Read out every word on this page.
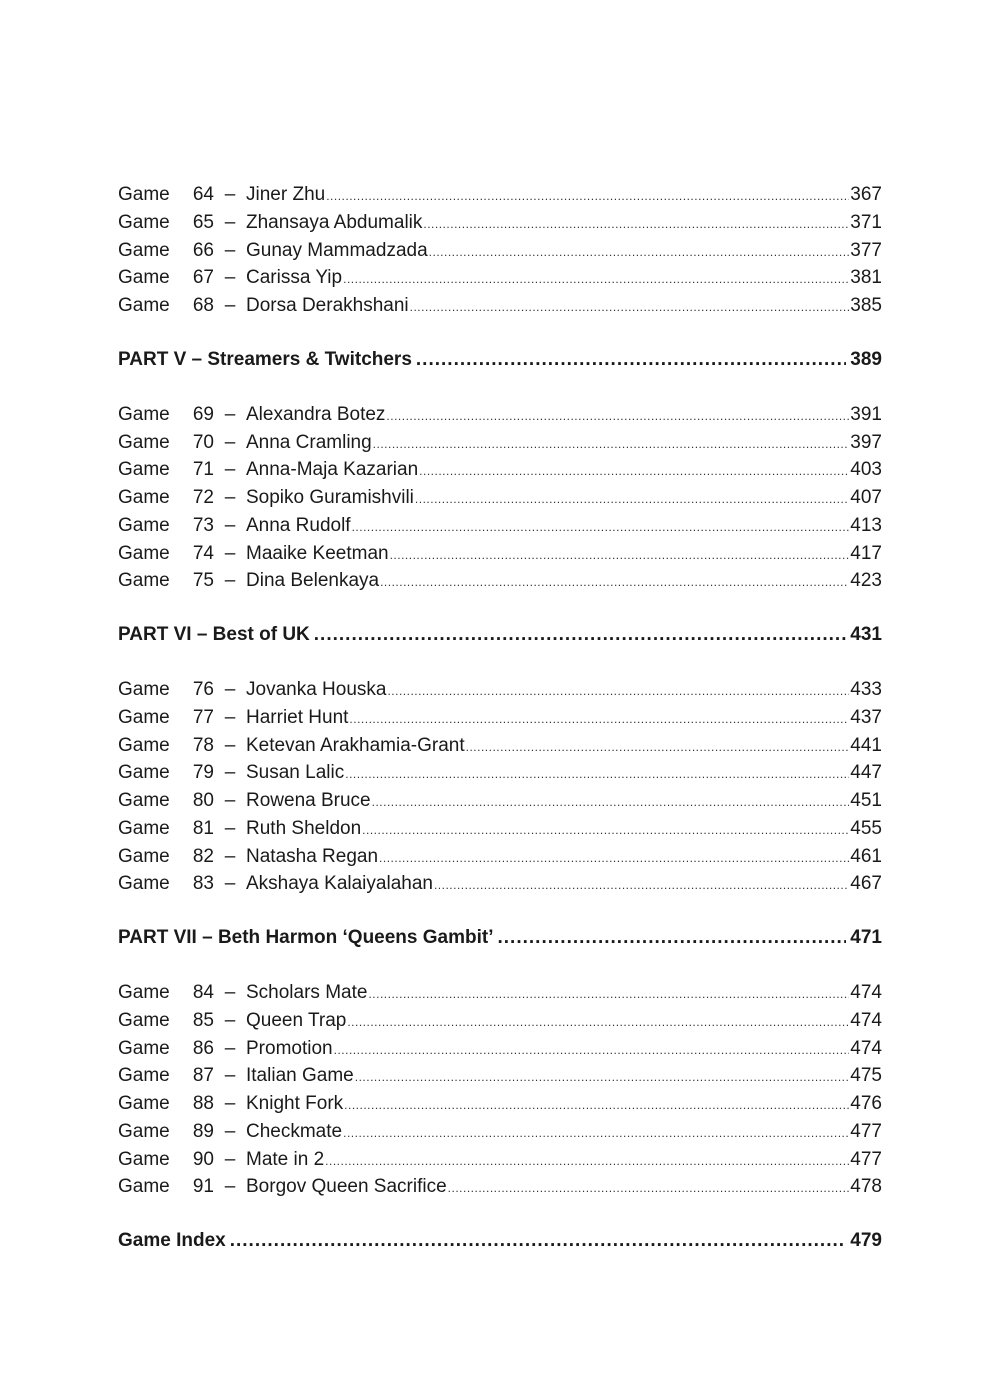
Game	64 – Jiner Zhu .....	367
Game	65 – Zhansaya Abdumalik .....	371
Game	66 – Gunay Mammadzada .....	377
Game	67 – Carissa Yip .....	381
Game	68 – Dorsa Derakhshani .....	385
PART V – Streamers & Twitchers .....	389
Game	69 – Alexandra Botez .....	391
Game	70 – Anna Cramling .....	397
Game	71 – Anna-Maja Kazarian .....	403
Game	72 – Sopiko Guramishvili .....	407
Game	73 – Anna Rudolf .....	413
Game	74 – Maaike Keetman .....	417
Game	75 – Dina Belenkaya .....	423
PART VI – Best of UK .....	431
Game	76 – Jovanka Houska .....	433
Game	77 – Harriet Hunt .....	437
Game	78 – Ketevan Arakhamia-Grant .....	441
Game	79 – Susan Lalic .....	447
Game	80 – Rowena Bruce .....	451
Game	81 – Ruth Sheldon .....	455
Game	82 – Natasha Regan .....	461
Game	83 – Akshaya Kalaiyalahan .....	467
PART VII – Beth Harmon ‘Queens Gambit’ .....	471
Game	84 – Scholars Mate .....	474
Game	85 – Queen Trap .....	474
Game	86 – Promotion .....	474
Game	87 – Italian Game .....	475
Game	88 – Knight Fork .....	476
Game	89 – Checkmate .....	477
Game	90 – Mate in 2 .....	477
Game	91 – Borgov Queen Sacrifice .....	478
Game Index .....	479
